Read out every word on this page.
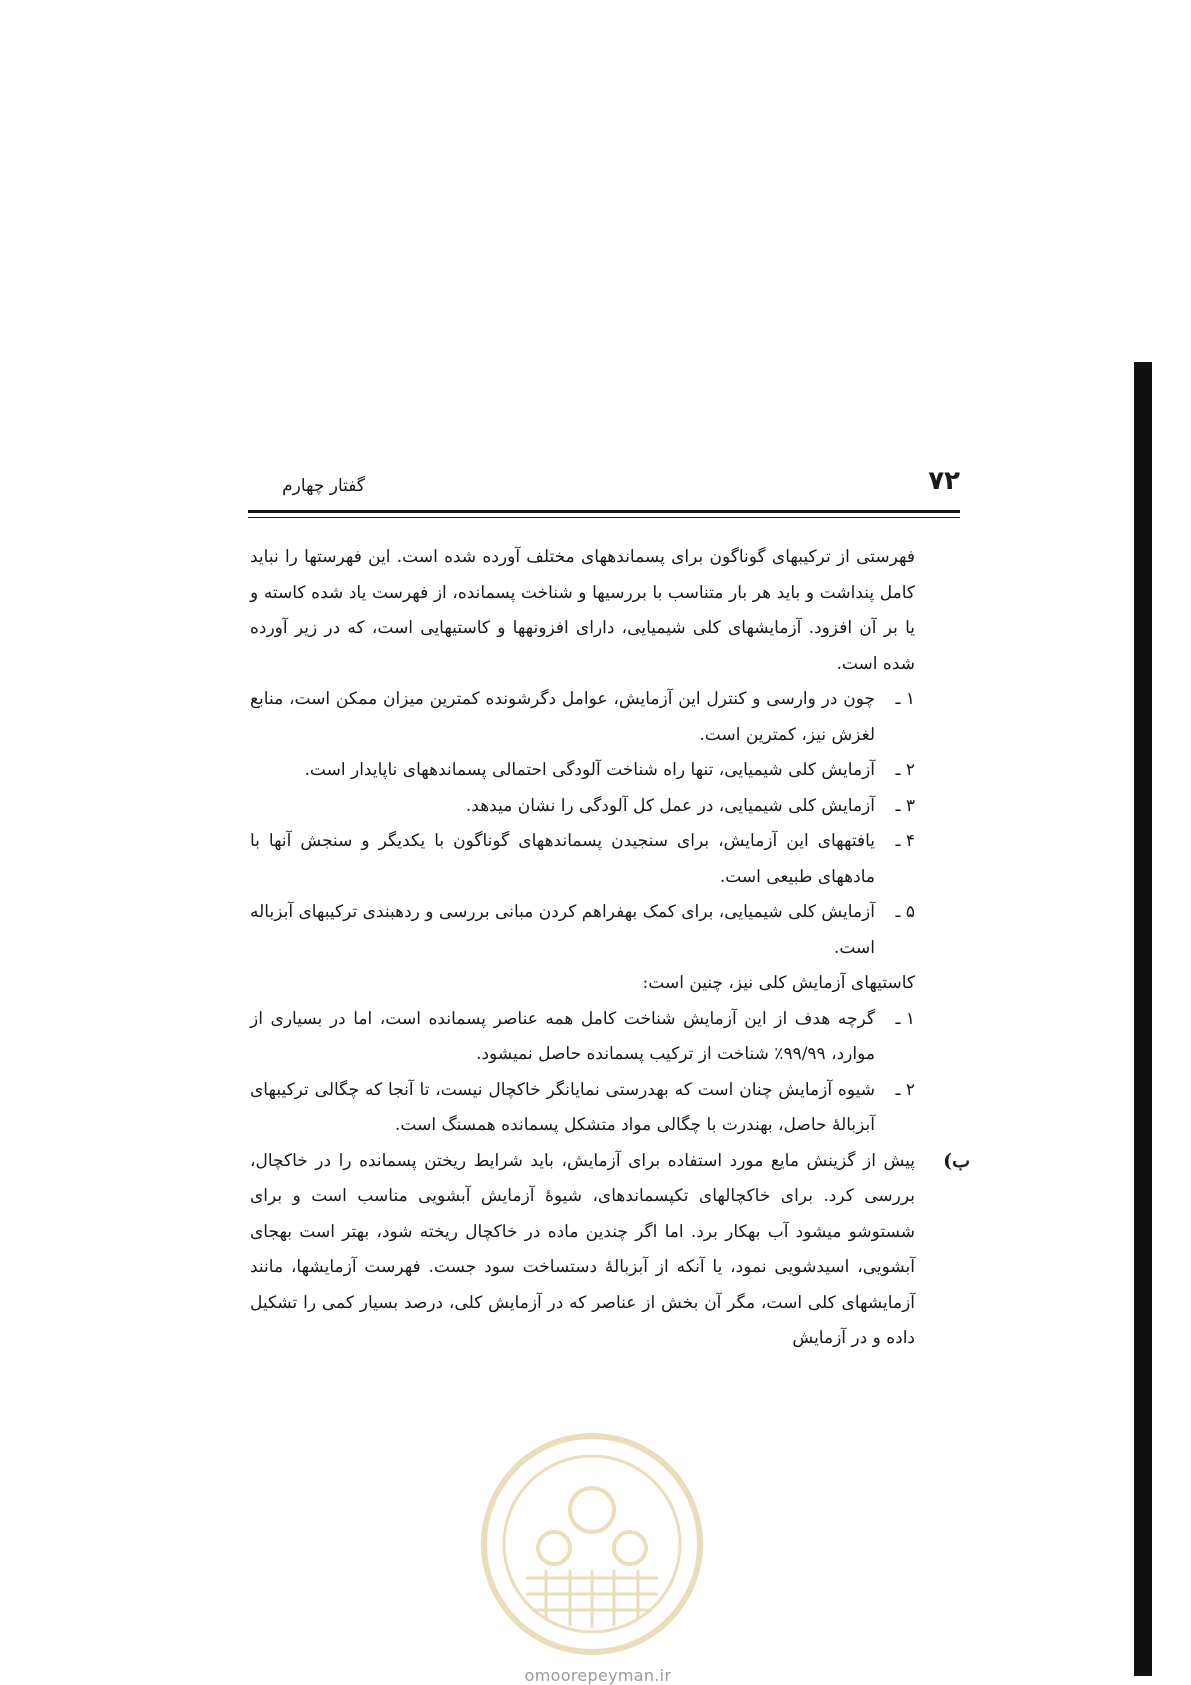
۷۲
گفتار چهارم

فهرستی از ترکیبهای گوناگون برای پسماندههای مختلف آورده شده است. این فهرستها را نباید کامل پنداشت و باید هر بار متناسب با بررسیها و شناخت پسمانده، از فهرست یاد شده کاسته و یا بر آن افزود. آزمایشهای کلی شیمیایی، دارای افزونهها و کاستیهایی است، که در زیر آورده شده است.

۱ ـ
چون در وارسی و کنترل این آزمایش، عوامل دگرشونده کمترین میزان ممکن است، منابع لغزش نیز، کمترین است.
۲ ـ
آزمایش کلی شیمیایی، تنها راه شناخت آلودگی احتمالی پسماندههای ناپایدار است.
۳ ـ
آزمایش کلی شیمیایی، در عمل کل آلودگی را نشان میدهد.
۴ ـ
یافتههای این آزمایش، برای سنجیدن پسماندههای گوناگون با یکدیگر و سنجش آنها با مادههای طبیعی است.
۵ ـ
آزمایش کلی شیمیایی، برای کمک بهفراهم کردن مبانی بررسی و ردهبندی ترکیبهای آبزباله است.

کاستیهای آزمایش کلی نیز، چنین است:

۱ ـ
گرچه هدف از این آزمایش شناخت کامل همه عناصر پسمانده است، اما در بسیاری از موارد، ۹۹/۹۹٪ شناخت از ترکیب پسمانده حاصل نمیشود.
۲ ـ
شیوه آزمایش چنان است که بهدرستی نمایانگر خاکچال نیست، تا آنجا که چگالی ترکیبهای آبزبالهٔ حاصل، بهندرت با چگالی مواد متشکل پسمانده همسنگ است.
ب)

پیش از گزینش مایع مورد استفاده برای آزمایش، باید شرایط ریختن پسمانده را در خاکچال، بررسی کرد. برای خاکچالهای تکپسماندهای، شیوهٔ آزمایش آبشویی مناسب است و برای شستوشو میشود آب بهکار برد. اما اگر چندین ماده در خاکچال ریخته شود، بهتر است بهجای آبشویی، اسیدشویی نمود، یا آنکه از آبزبالهٔ دستساخت سود جست. فهرست آزمایشها، مانند آزمایشهای کلی است، مگر آن بخش از عناصر که در آزمایش کلی، درصد بسیار کمی را تشکیل داده و در آزمایش

omoorepeyman.ir
